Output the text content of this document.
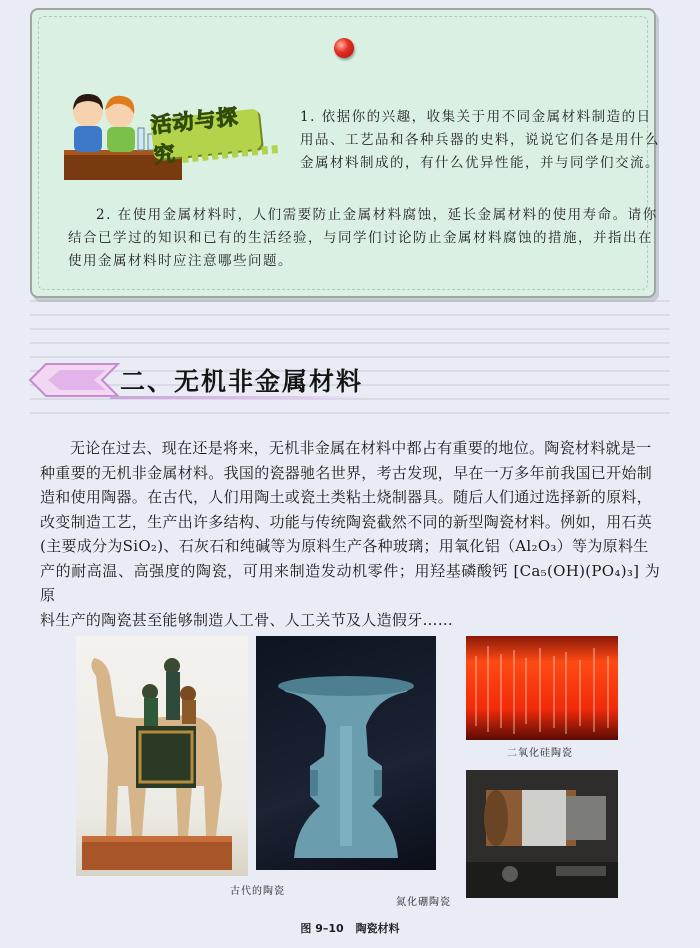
活动与探究

1. 依据你的兴趣，收集关于用不同金属材料制造的日用品、工艺品和各种兵器的史料，说说它们各是用什么金属材料制成的，有什么优异性能，并与同学们交流。

2. 在使用金属材料时，人们需要防止金属材料腐蚀，延长金属材料的使用寿命。请你结合已学过的知识和已有的生活经验，与同学们讨论防止金属材料腐蚀的措施，并指出在使用金属材料时应注意哪些问题。

二、无机非金属材料

无论在过去、现在还是将来，无机非金属在材料中都占有重要的地位。陶瓷材料就是一
种重要的无机非金属材料。我国的瓷器驰名世界，考古发现，早在一万多年前我国已开始制
造和使用陶器。在古代，人们用陶土或瓷土类粘土烧制器具。随后人们通过选择新的原料，
改变制造工艺，生产出许多结构、功能与传统陶瓷截然不同的新型陶瓷材料。例如，用石英
(主要成分为SiO₂)、石灰石和纯碱等为原料生产各种玻璃；用氧化铝（Al₂O₃）等为原料生
产的耐高温、高强度的陶瓷，可用来制造发动机零件；用羟基磷酸钙 [Ca₅(OH)(PO₄)₃] 为原
料生产的陶瓷甚至能够制造人工骨、人工关节及人造假牙……

古代的陶瓷
二氧化硅陶瓷
氮化硼陶瓷
图 9–10 陶瓷材料
